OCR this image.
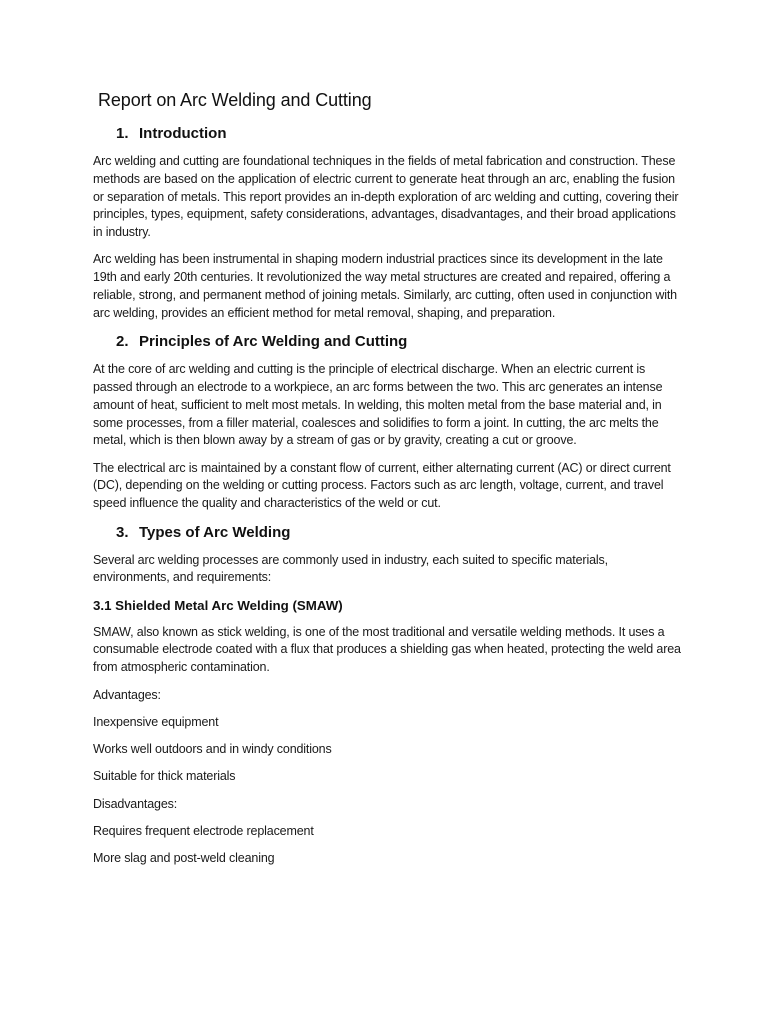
Report on Arc Welding and Cutting
1. Introduction

Arc welding and cutting are foundational techniques in the fields of metal fabrication and construction. These methods are based on the application of electric current to generate heat through an arc, enabling the fusion or separation of metals. This report provides an in-depth exploration of arc welding and cutting, covering their principles, types, equipment, safety considerations, advantages, disadvantages, and their broad applications in industry.

Arc welding has been instrumental in shaping modern industrial practices since its development in the late 19th and early 20th centuries. It revolutionized the way metal structures are created and repaired, offering a reliable, strong, and permanent method of joining metals. Similarly, arc cutting, often used in conjunction with arc welding, provides an efficient method for metal removal, shaping, and preparation.

2. Principles of Arc Welding and Cutting

At the core of arc welding and cutting is the principle of electrical discharge. When an electric current is passed through an electrode to a workpiece, an arc forms between the two. This arc generates an intense amount of heat, sufficient to melt most metals. In welding, this molten metal from the base material and, in some processes, from a filler material, coalesces and solidifies to form a joint. In cutting, the arc melts the metal, which is then blown away by a stream of gas or by gravity, creating a cut or groove.

The electrical arc is maintained by a constant flow of current, either alternating current (AC) or direct current (DC), depending on the welding or cutting process. Factors such as arc length, voltage, current, and travel speed influence the quality and characteristics of the weld or cut.

3. Types of Arc Welding

Several arc welding processes are commonly used in industry, each suited to specific materials, environments, and requirements:

3.1 Shielded Metal Arc Welding (SMAW)

SMAW, also known as stick welding, is one of the most traditional and versatile welding methods. It uses a consumable electrode coated with a flux that produces a shielding gas when heated, protecting the weld area from atmospheric contamination.

Advantages:

Inexpensive equipment

Works well outdoors and in windy conditions

Suitable for thick materials

Disadvantages:

Requires frequent electrode replacement

More slag and post-weld cleaning
